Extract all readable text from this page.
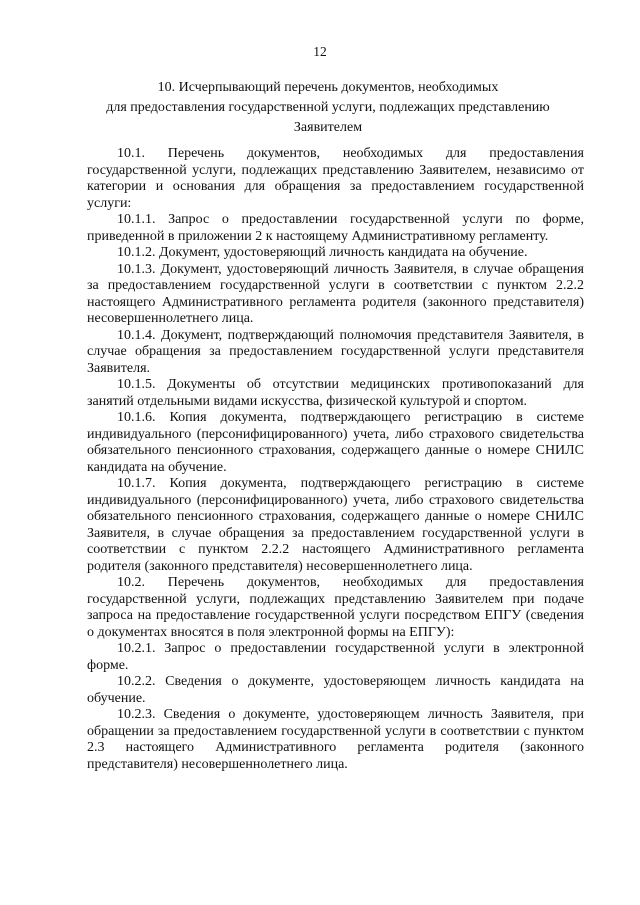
12
10. Исчерпывающий перечень документов, необходимых
для предоставления государственной услуги, подлежащих представлению
Заявителем

10.1. Перечень документов, необходимых для предоставления государственной услуги, подлежащих представлению Заявителем, независимо от категории и основания для обращения за предоставлением государственной услуги:

10.1.1. Запрос о предоставлении государственной услуги по форме, приведенной в приложении 2 к настоящему Административному регламенту.

10.1.2. Документ, удостоверяющий личность кандидата на обучение.

10.1.3. Документ, удостоверяющий личность Заявителя, в случае обращения за предоставлением государственной услуги в соответствии с пунктом 2.2.2 настоящего Административного регламента родителя (законного представителя) несовершеннолетнего лица.

10.1.4. Документ, подтверждающий полномочия представителя Заявителя, в случае обращения за предоставлением государственной услуги представителя Заявителя.

10.1.5. Документы об отсутствии медицинских противопоказаний для занятий отдельными видами искусства, физической культурой и спортом.

10.1.6. Копия документа, подтверждающего регистрацию в системе индивидуального (персонифицированного) учета, либо страхового свидетельства обязательного пенсионного страхования, содержащего данные о номере СНИЛС кандидата на обучение.

10.1.7. Копия документа, подтверждающего регистрацию в системе индивидуального (персонифицированного) учета, либо страхового свидетельства обязательного пенсионного страхования, содержащего данные о номере СНИЛС Заявителя, в случае обращения за предоставлением государственной услуги в соответствии с пунктом 2.2.2 настоящего Административного регламента родителя (законного представителя) несовершеннолетнего лица.

10.2. Перечень документов, необходимых для предоставления государственной услуги, подлежащих представлению Заявителем при подаче запроса на предоставление государственной услуги посредством ЕПГУ (сведения о документах вносятся в поля электронной формы на ЕПГУ):

10.2.1. Запрос о предоставлении государственной услуги в электронной форме.

10.2.2. Сведения о документе, удостоверяющем личность кандидата на обучение.

10.2.3. Сведения о документе, удостоверяющем личность Заявителя, при обращении за предоставлением государственной услуги в соответствии с пунктом 2.3 настоящего Административного регламента родителя (законного представителя) несовершеннолетнего лица.
